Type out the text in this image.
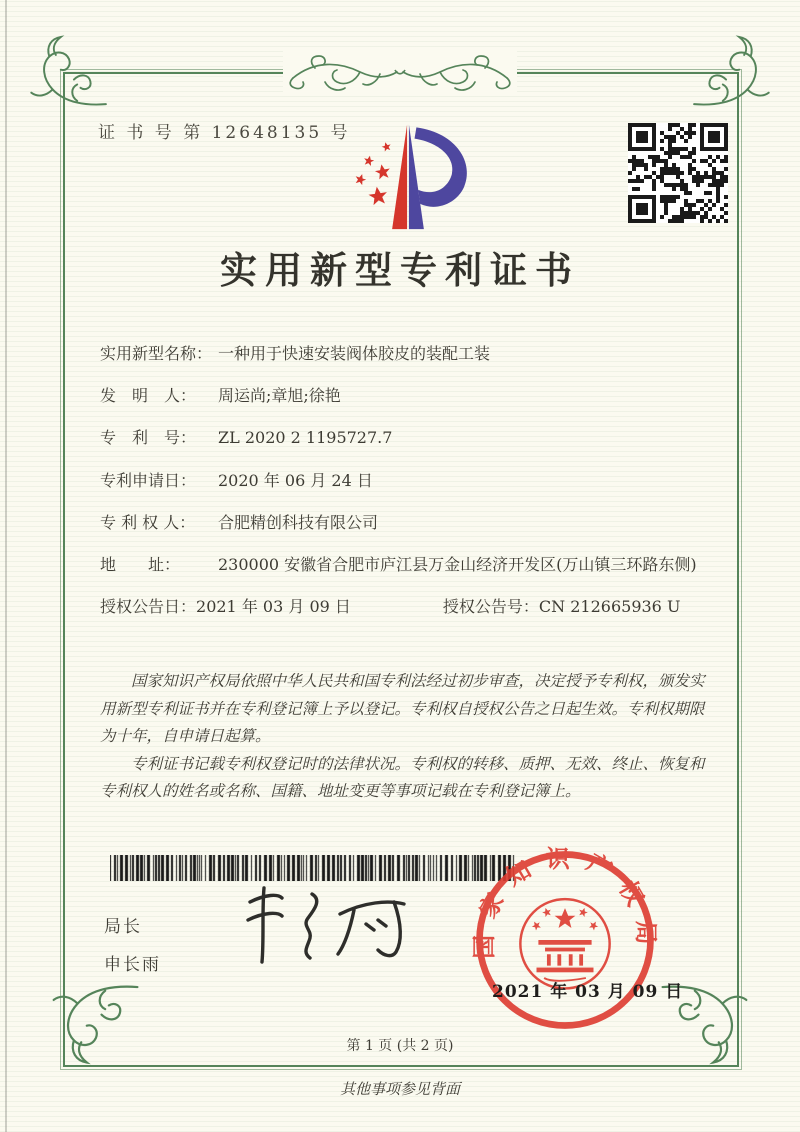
证 书 号 第 12648135 号
实用新型专利证书
实用新型名称： 一种用于快速安装阀体胶皮的装配工装
发　明　人：	周运尚;章旭;徐艳
专　利　号：	ZL 2020 2 1195727.7
专利申请日：	2020 年 06 月 24 日
专 利 权 人：	合肥精创科技有限公司
地　　址：	230000 安徽省合肥市庐江县万金山经济开发区(万山镇三环路东侧)
授权公告日：2021 年 03 月 09 日	授权公告号：CN 212665936 U

国家知识产权局依照中华人民共和国专利法经过初步审查，决定授予专利权，颁发实用新型专利证书并在专利登记簿上予以登记。专利权自授权公告之日起生效。专利权期限为十年，自申请日起算。

专利证书记载专利权登记时的法律状况。专利权的转移、质押、无效、终止、恢复和专利权人的姓名或名称、国籍、地址变更等事项记载在专利登记簿上。

局长
申长雨
国家知识产权局
2021 年 03 月 09 日
第 1 页 (共 2 页)
其他事项参见背面
